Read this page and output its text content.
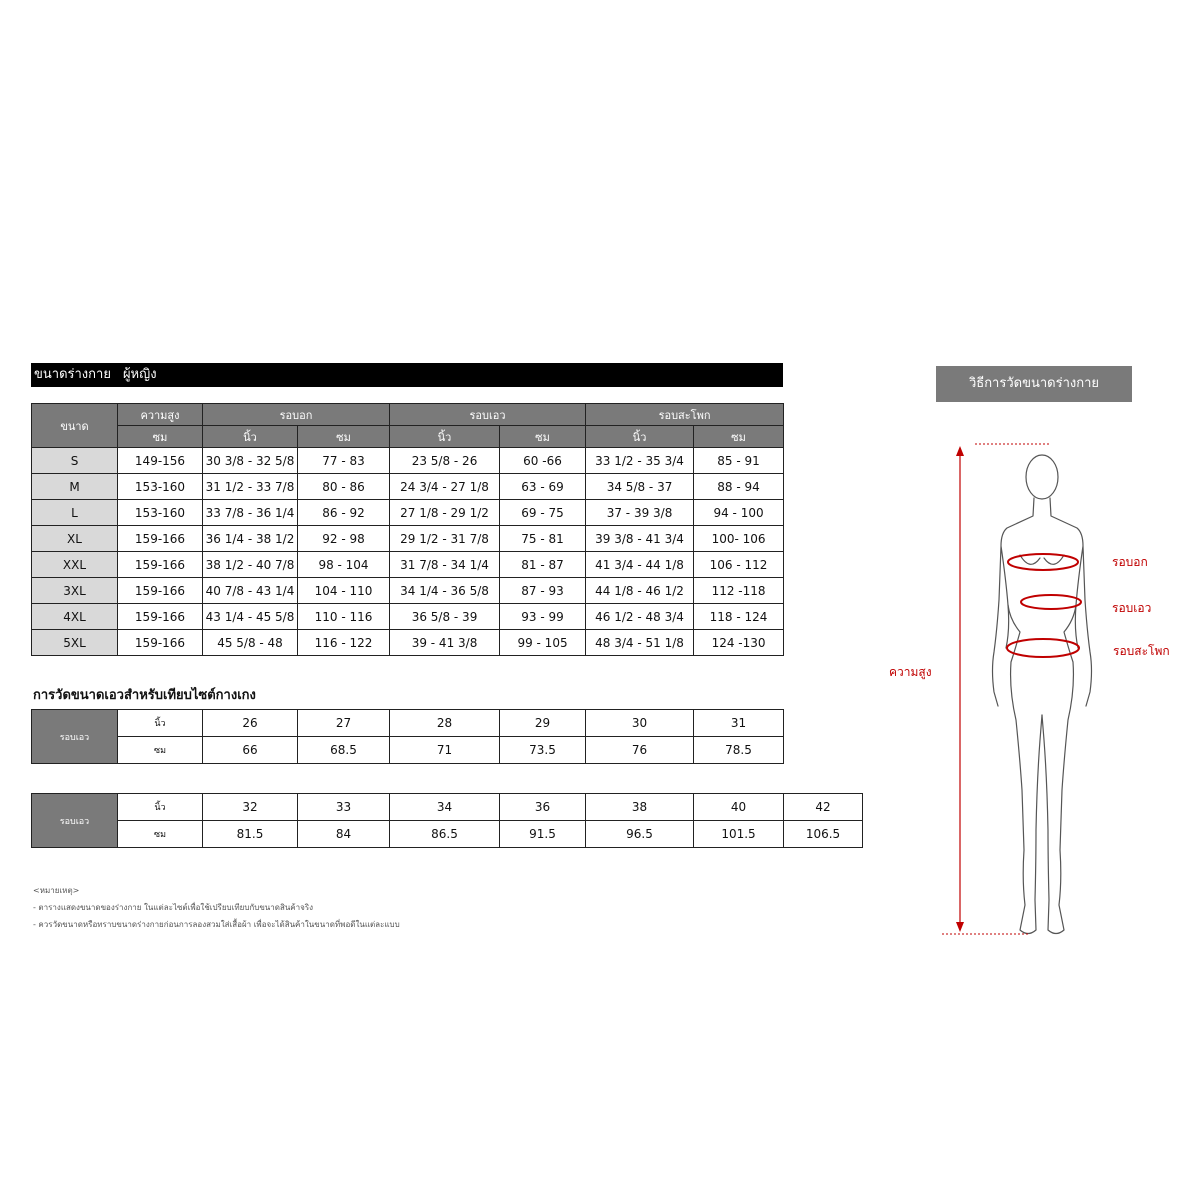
ขนาดร่างกาย ผู้หญิง
ขนาด	ความสูง	รอบอก		รอบเอว		รอบสะโพก	
	ซม	นิ้ว	ซม	นิ้ว	ซม	นิ้ว	ซม
S	149-156	30 3/8 - 32 5/8	77 - 83	23 5/8 - 26	60 -66	33 1/2 - 35 3/4	85 - 91
M	153-160	31 1/2 - 33 7/8	80 - 86	24 3/4 - 27 1/8	63 - 69	34 5/8 - 37	88 - 94
L	153-160	33 7/8 - 36 1/4	86 - 92	27 1/8 - 29 1/2	69 - 75	37 - 39 3/8	94 - 100
XL	159-166	36 1/4 - 38 1/2	92 - 98	29 1/2 - 31 7/8	75 - 81	39 3/8 - 41 3/4	100- 106
XXL	159-166	38 1/2 - 40 7/8	98 - 104	31 7/8 - 34 1/4	81 - 87	41 3/4 - 44 1/8	106 - 112
3XL	159-166	40 7/8 - 43 1/4	104 - 110	34 1/4 - 36 5/8	87 - 93	44 1/8 - 46 1/2	112 -118
4XL	159-166	43 1/4 - 45 5/8	110 - 116	36 5/8 - 39	93 - 99	46 1/2 - 48 3/4	118 - 124
5XL	159-166	45 5/8 - 48	116 - 122	39 - 41 3/8	99 - 105	48 3/4 - 51 1/8	124 -130
การวัดขนาดเอวสำหรับเทียบไซต์กางเกง
รอบเอว	นิ้ว	26	27	28	29	30	31
	ซม	66	68.5	71	73.5	76	78.5
รอบเอว	นิ้ว	32	33	34	36	38	40	42
	ซม	81.5	84	86.5	91.5	96.5	101.5	106.5
<หมายเหตุ>
- ตารางแสดงขนาดของร่างกาย ในแต่ละไซต์เพื่อใช้เปรียบเทียบกับขนาดสินค้าจริง
- ควรวัดขนาดหรือทราบขนาดร่างกายก่อนการลองสวมใส่เสื้อผ้า เพื่อจะได้สินค้าในขนาดที่พอดีในแต่ละแบบ
วิธีการวัดขนาดร่างกาย
รอบอก
รอบเอว
รอบสะโพก
ความสูง
